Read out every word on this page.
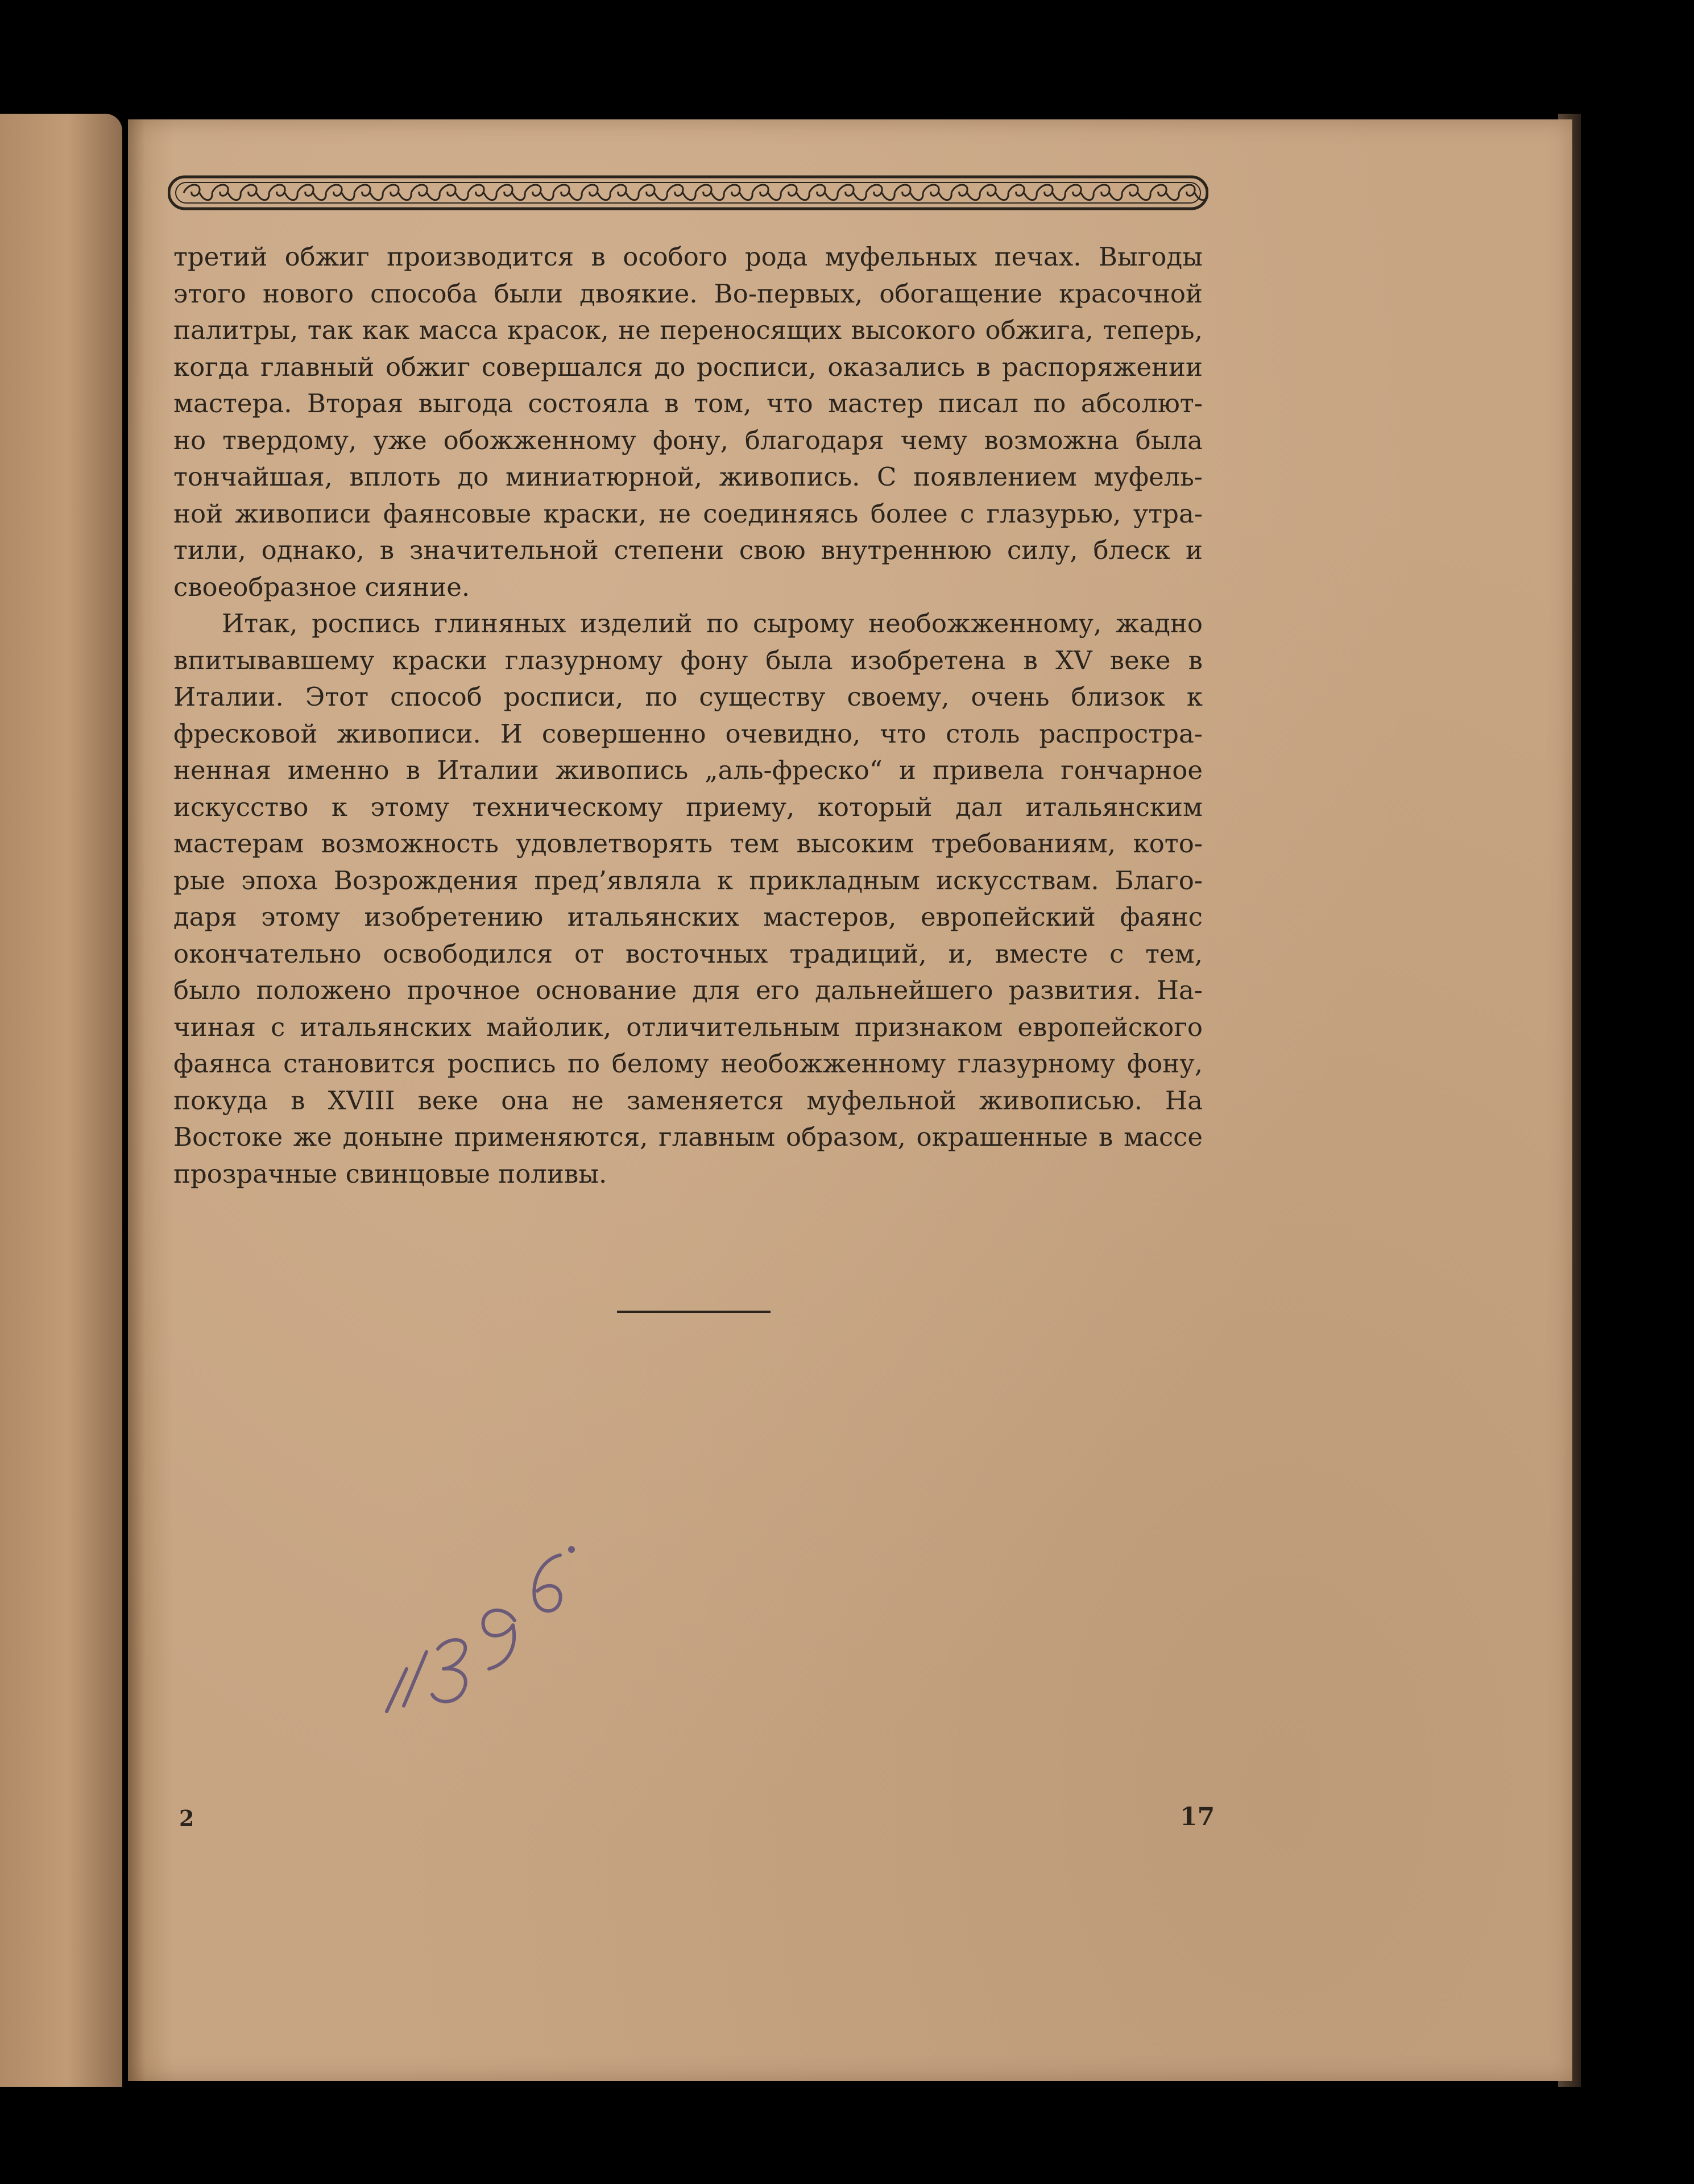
третий обжиг производится в особого рода муфельных печах. Выгоды
этого нового способа были двоякие. Во-первых, обогащение красочной
палитры, так как масса красок, не переносящих высокого обжига, теперь,
когда главный обжиг совершался до росписи, оказались в распоряжении
мастера. Вторая выгода состояла в том, что мастер писал по абсолют-
но твердому, уже обожженному фону, благодаря чему возможна была
тончайшая, вплоть до миниатюрной, живопись. С появлением муфель-
ной живописи фаянсовые краски, не соединяясь более с глазурью, утра-
тили, однако, в значительной степени свою внутреннюю силу, блеск и
своеобразное сияние.

Итак, роспись глиняных изделий по сырому необожженному, жадно
впитывавшему краски глазурному фону была изобретена в XV веке в
Италии. Этот способ росписи, по существу своему, очень близок к
фресковой живописи. И совершенно очевидно, что столь распростра-
ненная именно в Италии живопись „аль-фреско“ и привела гончарное
искусство к этому техническому приему, который дал итальянским
мастерам возможность удовлетворять тем высоким требованиям, кото-
рые эпоха Возрождения пред’являла к прикладным искусствам. Благо-
даря этому изобретению итальянских мастеров, европейский фаянс
окончательно освободился от восточных традиций, и, вместе с тем,
было положено прочное основание для его дальнейшего развития. На-
чиная с итальянских майолик, отличительным признаком европейского
фаянса становится роспись по белому необожженному глазурному фону,
покуда в XVIII веке она не заменяется муфельной живописью. На
Востоке же доныне применяются, главным образом, окрашенные в массе
прозрачные свинцовые поливы.

2	17
